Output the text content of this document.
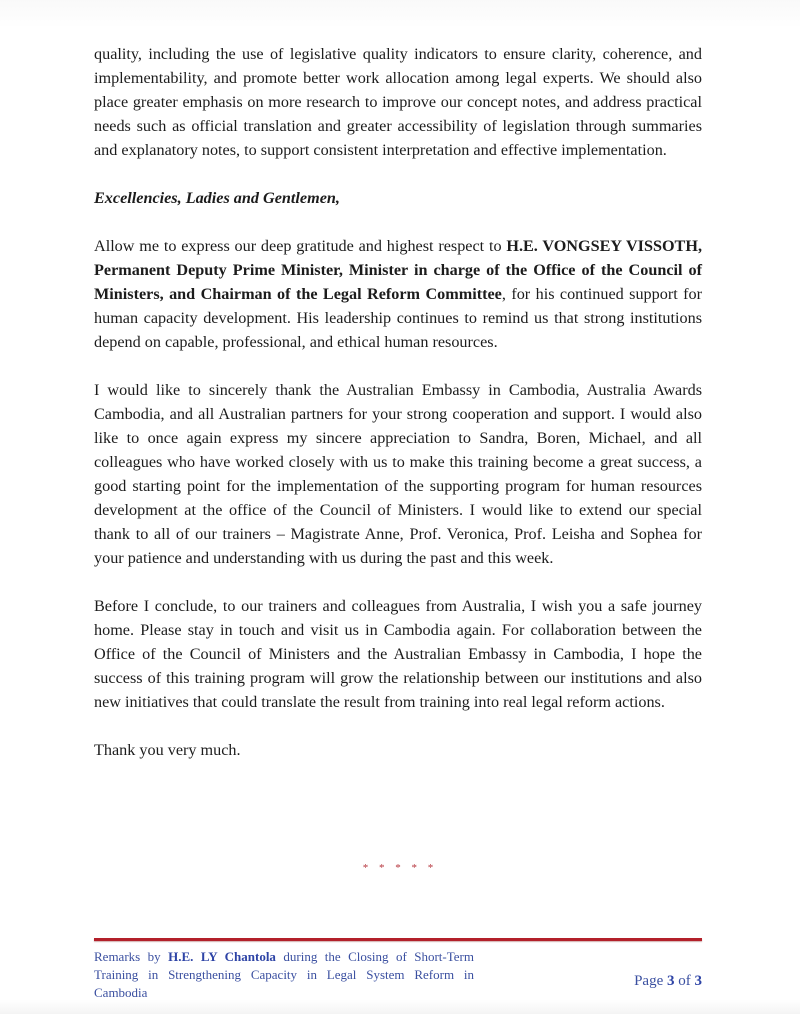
quality, including the use of legislative quality indicators to ensure clarity, coherence, and implementability, and promote better work allocation among legal experts. We should also place greater emphasis on more research to improve our concept notes, and address practical needs such as official translation and greater accessibility of legislation through summaries and explanatory notes, to support consistent interpretation and effective implementation.

Excellencies, Ladies and Gentlemen,

Allow me to express our deep gratitude and highest respect to H.E. VONGSEY VISSOTH, Permanent Deputy Prime Minister, Minister in charge of the Office of the Council of Ministers, and Chairman of the Legal Reform Committee, for his continued support for human capacity development. His leadership continues to remind us that strong institutions depend on capable, professional, and ethical human resources.

I would like to sincerely thank the Australian Embassy in Cambodia, Australia Awards Cambodia, and all Australian partners for your strong cooperation and support. I would also like to once again express my sincere appreciation to Sandra, Boren, Michael, and all colleagues who have worked closely with us to make this training become a great success, a good starting point for the implementation of the supporting program for human resources development at the office of the Council of Ministers. I would like to extend our special thank to all of our trainers – Magistrate Anne, Prof. Veronica, Prof. Leisha and Sophea for your patience and understanding with us during the past and this week.

Before I conclude, to our trainers and colleagues from Australia, I wish you a safe journey home. Please stay in touch and visit us in Cambodia again. For collaboration between the Office of the Council of Ministers and the Australian Embassy in Cambodia, I hope the success of this training program will grow the relationship between our institutions and also new initiatives that could translate the result from training into real legal reform actions.

Thank you very much.

* * * * *
Remarks by H.E. LY Chantola during the Closing of Short-Term Training in Strengthening Capacity in Legal System Reform in Cambodia
Page 3 of 3
